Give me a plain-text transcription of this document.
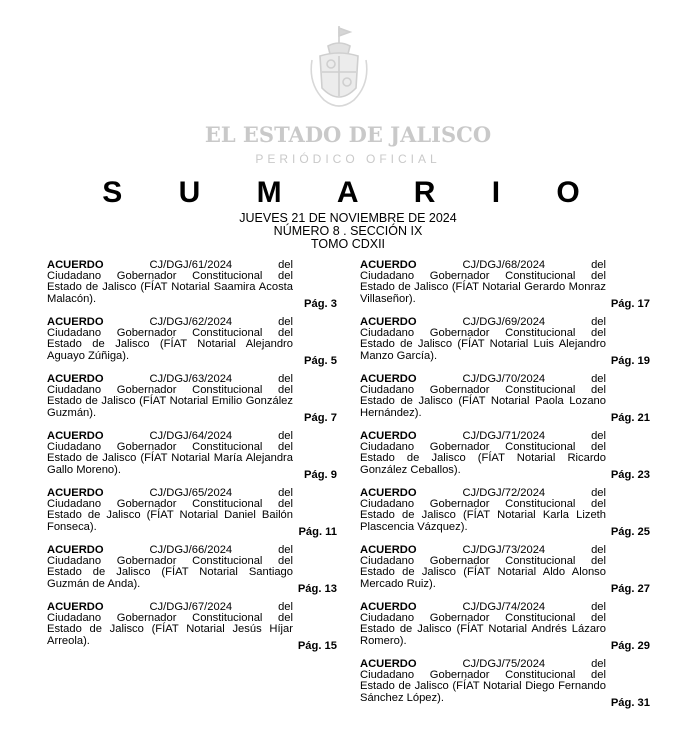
EL ESTADO DE JALISCO
PERIÓDICO OFICIAL
S U M A R I O
JUEVES 21 DE NOVIEMBRE DE 2024
NÚMERO 8 . SECCIÓN IX
TOMO CDXII
ACUERDO	CJ/DGJ/61/2024	del
Ciudadano Gobernador Constitucional del Estado de Jalisco (FÍAT Notarial Saamira Acosta Malacón).	Pág. 3
ACUERDO	CJ/DGJ/62/2024	del
Ciudadano Gobernador Constitucional del Estado de Jalisco (FÍAT Notarial Alejandro Aguayo Zúñiga).	Pág. 5
ACUERDO	CJ/DGJ/63/2024	del
Ciudadano Gobernador Constitucional del Estado de Jalisco (FÍAT Notarial Emilio González Guzmán).	Pág. 7
ACUERDO	CJ/DGJ/64/2024	del
Ciudadano Gobernador Constitucional del Estado de Jalisco (FÍAT Notarial María Alejandra Gallo Moreno).	Pág. 9
ACUERDO	CJ/DGJ/65/2024	del
Ciudadano Gobernador Constitucional del Estado de Jalisco (FÍAT Notarial Daniel Bailón Fonseca).	Pág. 11
ACUERDO	CJ/DGJ/66/2024	del
Ciudadano Gobernador Constitucional del Estado de Jalisco (FÍAT Notarial Santiago Guzmán de Anda).	Pág. 13
ACUERDO	CJ/DGJ/67/2024	del
Ciudadano Gobernador Constitucional del Estado de Jalisco (FÍAT Notarial Jesús Híjar Arreola).	Pág. 15
ACUERDO	CJ/DGJ/68/2024	del
Ciudadano Gobernador Constitucional del Estado de Jalisco (FÍAT Notarial Gerardo Monraz Villaseñor).	Pág. 17
ACUERDO	CJ/DGJ/69/2024	del
Ciudadano Gobernador Constitucional del Estado de Jalisco (FÍAT Notarial Luis Alejandro Manzo García).	Pág. 19
ACUERDO	CJ/DGJ/70/2024	del
Ciudadano Gobernador Constitucional del Estado de Jalisco (FÍAT Notarial Paola Lozano Hernández).	Pág. 21
ACUERDO	CJ/DGJ/71/2024	del
Ciudadano Gobernador Constitucional del Estado de Jalisco (FÍAT Notarial Ricardo González Ceballos).	Pág. 23
ACUERDO	CJ/DGJ/72/2024	del
Ciudadano Gobernador Constitucional del Estado de Jalisco (FÍAT Notarial Karla Lizeth Plascencia Vázquez).	Pág. 25
ACUERDO	CJ/DGJ/73/2024	del
Ciudadano Gobernador Constitucional del Estado de Jalisco (FÍAT Notarial Aldo Alonso Mercado Ruiz).	Pág. 27
ACUERDO	CJ/DGJ/74/2024	del
Ciudadano Gobernador Constitucional del Estado de Jalisco (FÍAT Notarial Andrés Lázaro Romero).	Pág. 29
ACUERDO	CJ/DGJ/75/2024	del
Ciudadano Gobernador Constitucional del Estado de Jalisco (FÍAT Notarial Diego Fernando Sánchez López).	Pág. 31
